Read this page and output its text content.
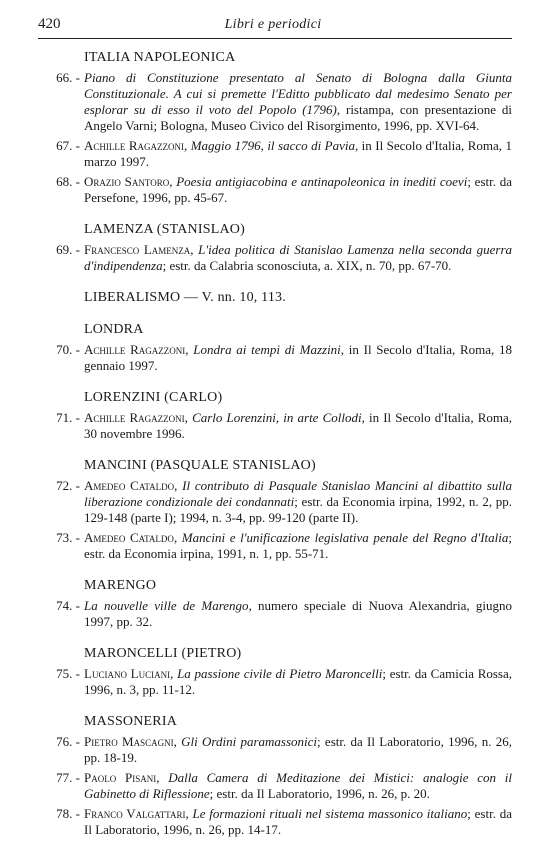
420	Libri e periodici
ITALIA NAPOLEONICA
66. - Piano di Constituzione presentato al Senato di Bologna dalla Giunta Constituzionale. A cui si premette l'Editto pubblicato dal medesimo Senato per esplorar su di esso il voto del Popolo (1796), ristampa, con presentazione di Angelo Varni; Bologna, Museo Civico del Risorgimento, 1996, pp. XVI-64.
67. - Achille Ragazzoni, Maggio 1796, il sacco di Pavia, in Il Secolo d'Italia, Roma, 1 marzo 1997.
68. - Orazio Santoro, Poesia antigiacobina e antinapoleonica in inediti coevi; estr. da Persefone, 1996, pp. 45-67.
LAMENZA (STANISLAO)
69. - Francesco Lamenza, L'idea politica di Stanislao Lamenza nella seconda guerra d'indipendenza; estr. da Calabria sconosciuta, a. XIX, n. 70, pp. 67-70.
LIBERALISMO — V. nn. 10, 113.
LONDRA
70. - Achille Ragazzoni, Londra ai tempi di Mazzini, in Il Secolo d'Italia, Roma, 18 gennaio 1997.
LORENZINI (CARLO)
71. - Achille Ragazzoni, Carlo Lorenzini, in arte Collodi, in Il Secolo d'Italia, Roma, 30 novembre 1996.
MANCINI (PASQUALE STANISLAO)
72. - Amedeo Cataldo, Il contributo di Pasquale Stanislao Mancini al dibattito sulla liberazione condizionale dei condannati; estr. da Economia irpina, 1992, n. 2, pp. 129-148 (parte I); 1994, n. 3-4, pp. 99-120 (parte II).
73. - Amedeo Cataldo, Mancini e l'unificazione legislativa penale del Regno d'Italia; estr. da Economia irpina, 1991, n. 1, pp. 55-71.
MARENGO
74. - La nouvelle ville de Marengo, numero speciale di Nuova Alexandria, giugno 1997, pp. 32.
MARONCELLI (PIETRO)
75. - Luciano Luciani, La passione civile di Pietro Maroncelli; estr. da Camicia Rossa, 1996, n. 3, pp. 11-12.
MASSONERIA
76. - Pietro Mascagni, Gli Ordini paramassonici; estr. da Il Laboratorio, 1996, n. 26, pp. 18-19.
77. - Paolo Pisani, Dalla Camera di Meditazione dei Mistici: analogie con il Gabinetto di Riflessione; estr. da Il Laboratorio, 1996, n. 26, p. 20.
78. - Franco Valgattari, Le formazioni rituali nel sistema massonico italiano; estr. da Il Laboratorio, 1996, n. 26, pp. 14-17.
